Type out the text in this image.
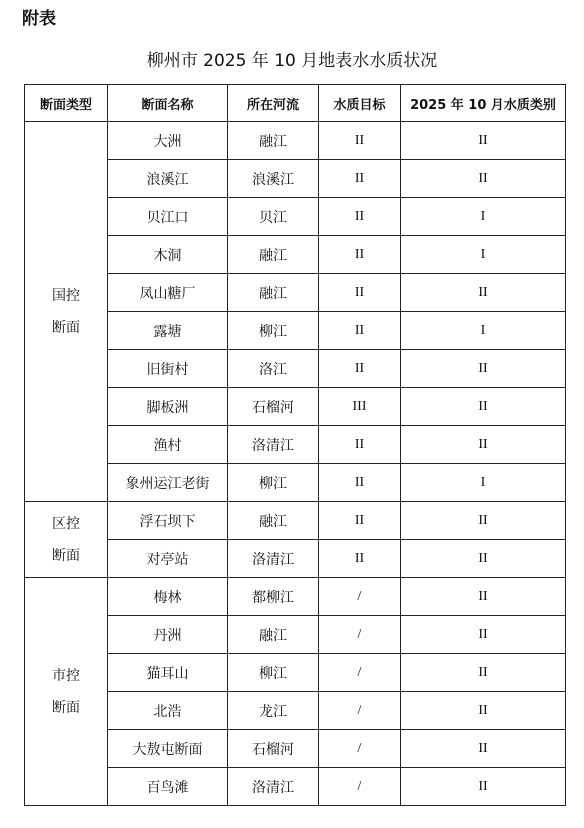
附表
柳州市 2025 年 10 月地表水水质状况
断面类型	断面名称	所在河流	水质目标	2025 年 10 月水质类别

国控
断面	大洲	融江	II	II
	浪溪江	浪溪江	II	II
	贝江口	贝江	II	I
	木洞	融江	II	I
	凤山糖厂	融江	II	II
	露塘	柳江	II	I
	旧街村	洛江	II	II
	脚板洲	石榴河	III	II
	渔村	洛清江	II	II
	象州运江老街	柳江	II	I

区控
断面	浮石坝下	融江	II	II
	对亭站	洛清江	II	II

市控
断面	梅林	都柳江	/	II
	丹洲	融江	/	II
	猫耳山	柳江	/	II
	北浩	龙江	/	II
	大敖屯断面	石榴河	/	II
	百鸟滩	洛清江	/	II
